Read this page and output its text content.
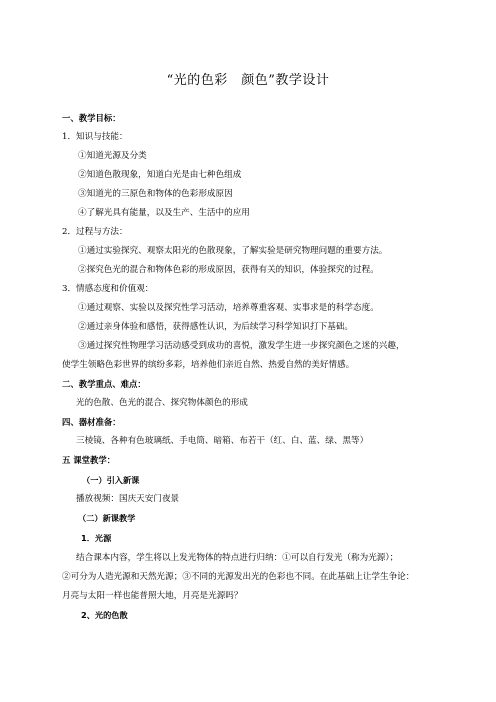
“光的色彩　颜色”教学设计
一、教学目标：
1．知识与技能：
①知道光源及分类
②知道色散现象，知道白光是由七种色组成
③知道光的三原色和物体的色彩形成原因
④了解光具有能量，以及生产、生活中的应用
2．过程与方法：
①通过实验探究、观察太阳光的色散现象，了解实验是研究物理问题的重要方法。
②探究色光的混合和物体色彩的形成原因，获得有关的知识，体验探究的过程。
3．情感态度和价值观：
①通过观察、实验以及探究性学习活动，培养尊重客观、实事求是的科学态度。
②通过亲身体验和感悟，获得感性认识，为后续学习科学知识打下基础。
③通过探究性物理学习活动感受到成功的喜悦，激发学生进一步探究颜色之迷的兴趣，
使学生领略色彩世界的缤纷多彩，培养他们亲近自然、热爱自然的美好情感。
二、教学重点、难点：
光的色散、色光的混合、探究物体颜色的形成
四、器材准备：
三棱镜、各种有色玻璃纸、手电筒、暗箱、布若干（红、白、蓝、绿、黑等）
五 课堂教学：
（一）引入新课
播放视频：国庆天安门夜景
（二）新课教学
1．光源
结合课本内容，学生将以上发光物体的特点进行归纳：①可以自行发光（称为光源）；
②可分为人造光源和天然光源；③不同的光源发出光的色彩也不同。在此基础上让学生争论：
月亮与太阳一样也能普照大地，月亮是光源吗？
2、光的色散
